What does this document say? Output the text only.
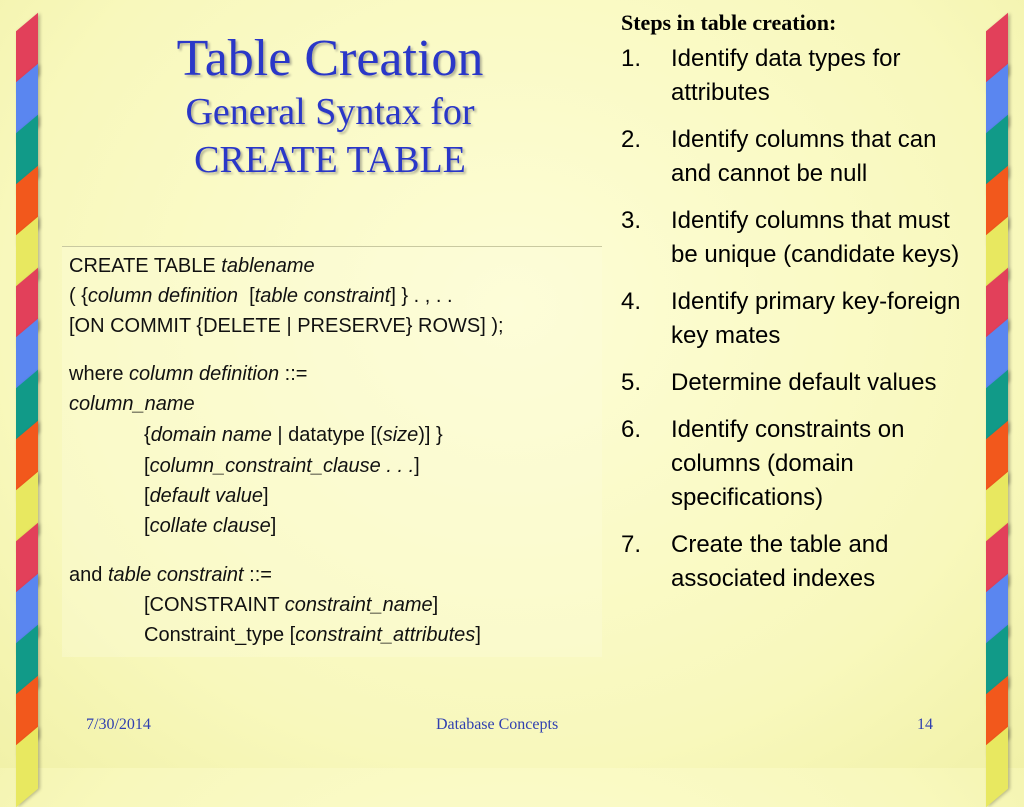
Table Creation
General Syntax for
CREATE TABLE
CREATE TABLE tablename
( {column definition  [table constraint] } . , . .
[ON COMMIT {DELETE | PRESERVE} ROWS] );
where column definition ::=
column_name
{domain name | datatype [(size)] }
[column_constraint_clause . . .]
[default value]
[collate clause]
and table constraint ::=
[CONSTRAINT constraint_name]
Constraint_type [constraint_attributes]
Steps in table creation:
1. Identify data types for attributes
2. Identify columns that can and cannot be null
3. Identify columns that must be unique (candidate keys)
4. Identify primary key-foreign key mates
5. Determine default values
6. Identify constraints on columns (domain specifications)
7. Create the table and associated indexes
7/30/2014	Database Concepts	14
